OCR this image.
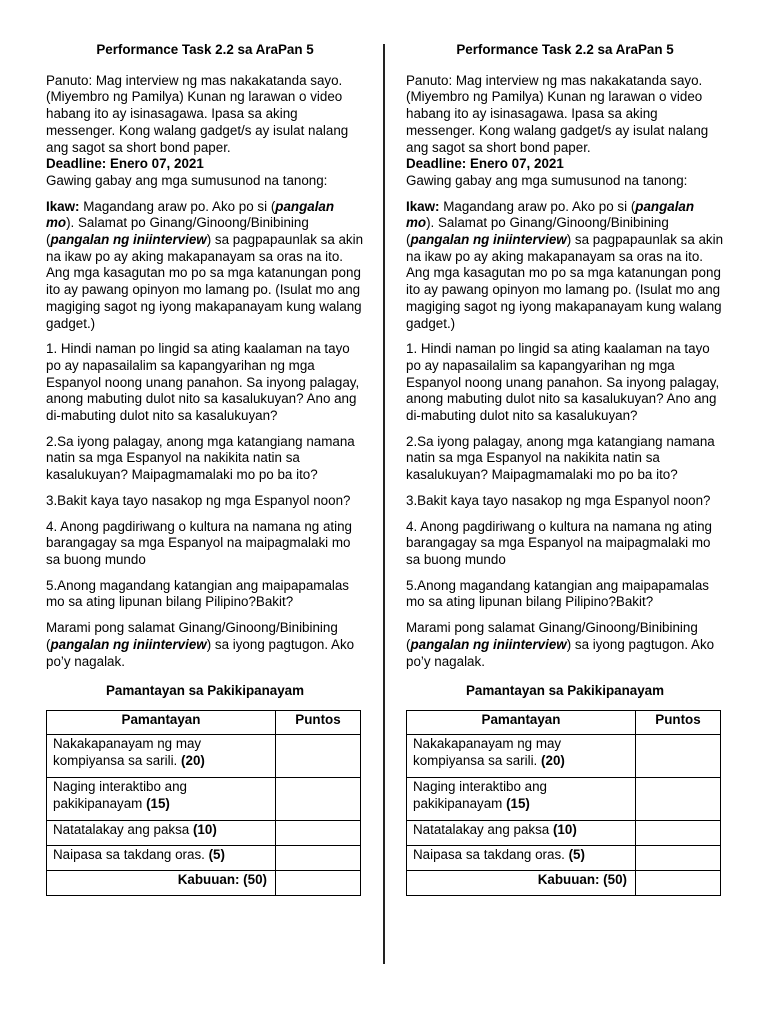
Performance Task 2.2 sa AraPan 5

Panuto: Mag interview ng mas nakakatanda sayo. (Miyembro ng Pamilya) Kunan ng larawan o video habang ito ay isinasagawa. Ipasa sa aking messenger. Kong walang gadget/s ay isulat nalang ang sagot sa short bond paper.

Deadline: Enero 07, 2021

Gawing gabay ang mga sumusunod na tanong:

Ikaw: Magandang araw po. Ako po si (pangalan mo). Salamat po Ginang/Ginoong/Binibining (pangalan ng iniinterview) sa pagpapaunlak sa akin na ikaw po ay aking makapanayam sa oras na ito. Ang mga kasagutan mo po sa mga katanungan pong ito ay pawang opinyon mo lamang po. (Isulat mo ang magiging sagot ng iyong makapanayam kung walang gadget.)

1. Hindi naman po lingid sa ating kaalaman na tayo po ay napasailalim sa kapangyarihan ng mga Espanyol noong unang panahon. Sa inyong palagay, anong mabuting dulot nito sa kasalukuyan? Ano ang di-mabuting dulot nito sa kasalukuyan?

2.Sa iyong palagay, anong mga katangiang namana natin sa mga Espanyol na nakikita natin sa kasalukuyan? Maipagmamalaki mo po ba ito?

3.Bakit kaya tayo nasakop ng mga Espanyol noon?

4. Anong pagdiriwang o kultura na namana ng ating barangagay sa mga Espanyol na maipagmalaki mo sa buong mundo

5.Anong magandang katangian ang maipapamalas mo sa ating lipunan bilang Pilipino?Bakit?

Marami pong salamat Ginang/Ginoong/Binibining (pangalan ng iniinterview) sa iyong pagtugon. Ako po’y nagalak.

Pamantayan sa Pakikipanayam

Pamantayan	Puntos
Nakakapanayam ng may kompiyansa sa sarili. (20)	
Naging interaktibo ang pakikipanayam (15)	
Natatalakay ang paksa (10)	
Naipasa sa takdang oras. (5)	
Kabuuan: (50)	

Performance Task 2.2 sa AraPan 5

Panuto: Mag interview ng mas nakakatanda sayo. (Miyembro ng Pamilya) Kunan ng larawan o video habang ito ay isinasagawa. Ipasa sa aking messenger. Kong walang gadget/s ay isulat nalang ang sagot sa short bond paper.

Deadline: Enero 07, 2021

Gawing gabay ang mga sumusunod na tanong:

Ikaw: Magandang araw po. Ako po si (pangalan mo). Salamat po Ginang/Ginoong/Binibining (pangalan ng iniinterview) sa pagpapaunlak sa akin na ikaw po ay aking makapanayam sa oras na ito. Ang mga kasagutan mo po sa mga katanungan pong ito ay pawang opinyon mo lamang po. (Isulat mo ang magiging sagot ng iyong makapanayam kung walang gadget.)

1. Hindi naman po lingid sa ating kaalaman na tayo po ay napasailalim sa kapangyarihan ng mga Espanyol noong unang panahon. Sa inyong palagay, anong mabuting dulot nito sa kasalukuyan? Ano ang di-mabuting dulot nito sa kasalukuyan?

2.Sa iyong palagay, anong mga katangiang namana natin sa mga Espanyol na nakikita natin sa kasalukuyan? Maipagmamalaki mo po ba ito?

3.Bakit kaya tayo nasakop ng mga Espanyol noon?

4. Anong pagdiriwang o kultura na namana ng ating barangagay sa mga Espanyol na maipagmalaki mo sa buong mundo

5.Anong magandang katangian ang maipapamalas mo sa ating lipunan bilang Pilipino?Bakit?

Marami pong salamat Ginang/Ginoong/Binibining (pangalan ng iniinterview) sa iyong pagtugon. Ako po’y nagalak.

Pamantayan sa Pakikipanayam

Pamantayan	Puntos
Nakakapanayam ng may kompiyansa sa sarili. (20)	
Naging interaktibo ang pakikipanayam (15)	
Natatalakay ang paksa (10)	
Naipasa sa takdang oras. (5)	
Kabuuan: (50)	
